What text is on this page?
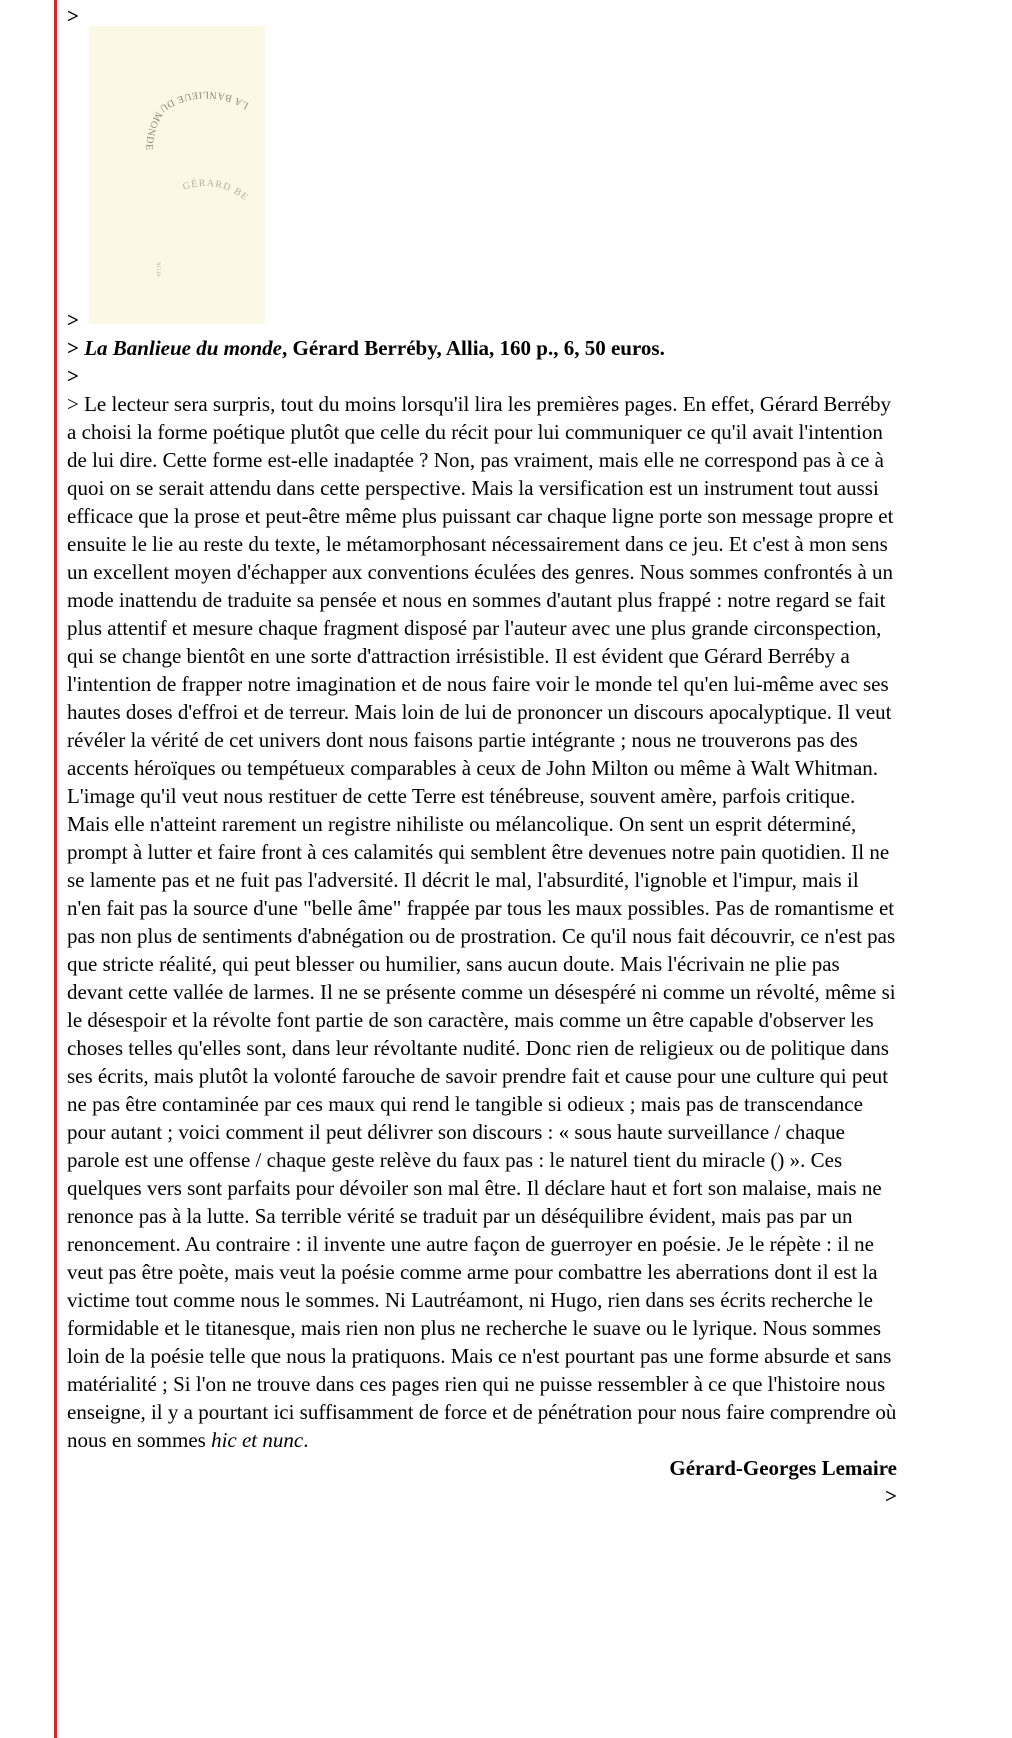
>
LA BANLIEUE DU MONDE
GÉRARD BE
ALLIA
>
> La Banlieue du monde, Gérard Berréby, Allia, 160 p., 6, 50 euros.
>

> Le lecteur sera surpris, tout du moins lorsqu'il lira les premières pages. En effet, Gérard Berréby a choisi la forme poétique plutôt que celle du récit pour lui communiquer ce qu'il avait l'intention de lui dire. Cette forme est-elle inadaptée ? Non, pas vraiment, mais elle ne correspond pas à ce à quoi on se serait attendu dans cette perspective. Mais la versification est un instrument tout aussi efficace que la prose et peut-être même plus puissant car chaque ligne porte son message propre et ensuite le lie au reste du texte, le métamorphosant nécessairement dans ce jeu. Et c'est à mon sens un excellent moyen d'échapper aux conventions éculées des genres. Nous sommes confrontés à un mode inattendu de traduite sa pensée et nous en sommes d'autant plus frappé : notre regard se fait plus attentif et mesure chaque fragment disposé par l'auteur avec une plus grande circonspection, qui se change bientôt en une sorte d'attraction irrésistible. Il est évident que Gérard Berréby a l'intention de frapper notre imagination et de nous faire voir le monde tel qu'en lui-même avec ses hautes doses d'effroi et de terreur. Mais loin de lui de prononcer un discours apocalyptique. Il veut révéler la vérité de cet univers dont nous faisons partie intégrante ; nous ne trouverons pas des accents héroïques ou tempétueux comparables à ceux de John Milton ou même à Walt Whitman. L'image qu'il veut nous restituer de cette Terre est ténébreuse, souvent amère, parfois critique. Mais elle n'atteint rarement un registre nihiliste ou mélancolique. On sent un esprit déterminé, prompt à lutter et faire front à ces calamités qui semblent être devenues notre pain quotidien. Il ne se lamente pas et ne fuit pas l'adversité. Il décrit le mal, l'absurdité, l'ignoble et l'impur, mais il n'en fait pas la source d'une "belle âme" frappée par tous les maux possibles. Pas de romantisme et pas non plus de sentiments d'abnégation ou de prostration. Ce qu'il nous fait découvrir, ce n'est pas que stricte réalité, qui peut blesser ou humilier, sans aucun doute. Mais l'écrivain ne plie pas devant cette vallée de larmes. Il ne se présente comme un désespéré ni comme un révolté, même si le désespoir et la révolte font partie de son caractère, mais comme un être capable d'observer les choses telles qu'elles sont, dans leur révoltante nudité. Donc rien de religieux ou de politique dans ses écrits, mais plutôt la volonté farouche de savoir prendre fait et cause pour une culture qui peut ne pas être contaminée par ces maux qui rend le tangible si odieux ; mais pas de transcendance pour autant ; voici comment il peut délivrer son discours : « sous haute surveillance / chaque parole est une offense / chaque geste relève du faux pas : le naturel tient du miracle () ». Ces quelques vers sont parfaits pour dévoiler son mal être. Il déclare haut et fort son malaise, mais ne renonce pas à la lutte. Sa terrible vérité se traduit par un déséquilibre évident, mais pas par un renoncement. Au contraire : il invente une autre façon de guerroyer en poésie. Je le répète : il ne veut pas être poète, mais veut la poésie comme arme pour combattre les aberrations dont il est la victime tout comme nous le sommes. Ni Lautréamont, ni Hugo, rien dans ses écrits recherche le formidable et le titanesque, mais rien non plus ne recherche le suave ou le lyrique. Nous sommes loin de la poésie telle que nous la pratiquons. Mais ce n'est pourtant pas une forme absurde et sans matérialité ; Si l'on ne trouve dans ces pages rien qui ne puisse ressembler à ce que l'histoire nous enseigne, il y a pourtant ici suffisamment de force et de pénétration pour nous faire comprendre où nous en sommes hic et nunc.

Gérard-Georges Lemaire
>
